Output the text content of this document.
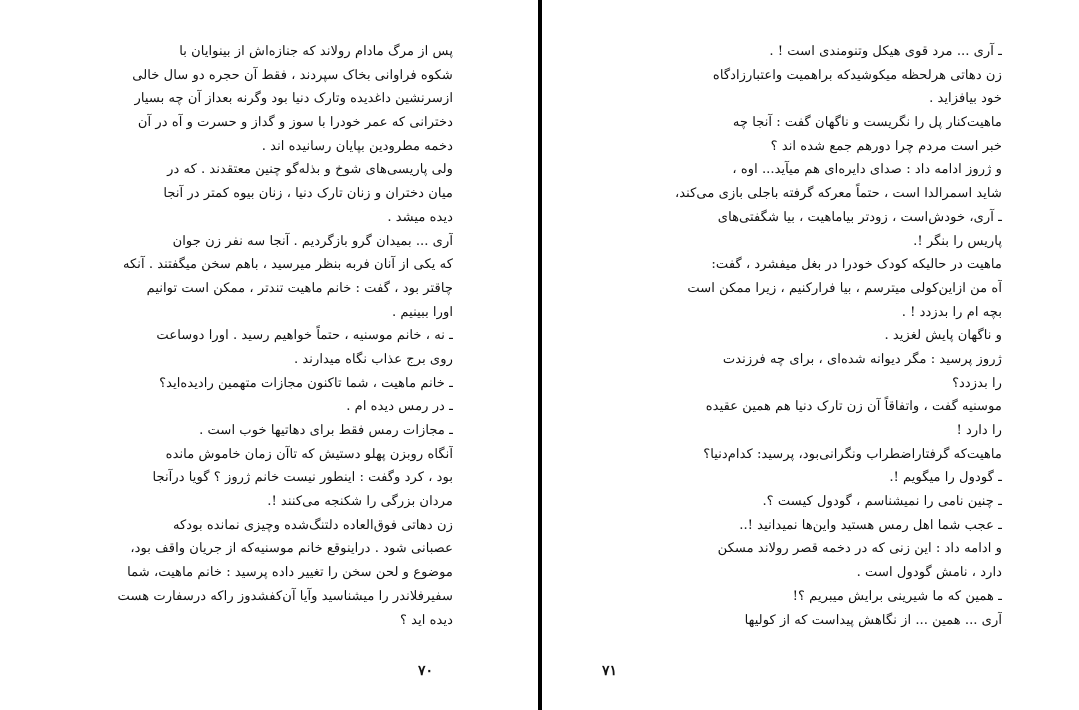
پس از مرگ مادام رولاند که جنازه‌اش از بینوایان با
شکوه فراوانی بخاک سپردند ، فقط آن حجره دو سال خالی
ازسرنشین داغدیده وتارک دنیا بود وگرنه بعداز آن چه بسیار
دخترانی که عمر خودرا با سوز و گداز و حسرت و آه در آن
دخمه مطرودین بپایان رسانیده اند .
ولی پاریسی‌های شوخ و بذله‌گو چنین معتقدند . که در
میان دختران و زنان تارک دنیا ، زنان بیوه کمتر در آنجا
دیده میشد .
آری ... بمیدان گرو بازگردیم . آنجا سه نفر زن جوان
که یکی از آنان فربه بنظر میرسید ، باهم سخن میگفتند . آنکه
چاقتر بود ، گفت : خانم ماهیت تندتر ، ممکن است توانیم
اورا ببینیم .
ـ نه ، خانم موسنیه ، حتماً خواهیم رسید . اورا دوساعت
روی برج عذاب نگاه میدارند .
ـ خانم ماهیت ، شما تاکنون مجازات متهمین رادیده‌اید؟
ـ در رمس دیده ام .
ـ مجازات رمس فقط برای دهاتیها خوب است .
آنگاه روبزن پهلو دستیش که تاآن زمان خاموش مانده
بود ، کرد وگفت : اینطور نیست خانم ژروز ؟ گویا درآنجا
مردان بزرگی را شکنجه می‌کنند !.
زن دهاتی فوق‌العاده دلتنگ‌شده وچیزی نمانده بودکه
عصبانی شود . دراینوقع خانم موسنیه‌که از جریان واقف بود،
موضوع و لحن سخن را تغییر داده پرسید : خانم ماهیت، شما
سفیرفلاندر را میشناسید وآیا آن‌کفشدوز راکه درسفارت هست
دیده اید ؟
۷۰
ـ آری ... مرد قوی هیکل وتنومندی است ! .
زن دهاتی هرلحظه میکوشیدکه براهمیت واعتبارزادگاه
خود بیافزاید .
ماهیت‌کنار پل را نگریست و ناگهان گفت : آنجا چه
خبر است مردم چرا دورهم جمع شده اند ؟
و ژروز ادامه داد : صدای دایره‌ای هم میآید... اوه ،
شاید اسمرالدا است ، حتماً معرکه گرفته باجلی بازی می‌کند،
ـ آری، خودش‌است ، زودتر بیاماهیت ، بیا شگفتی‌های
پاریس را بنگر !.
ماهیت در حالیکه کودک خودرا در بغل میفشرد ، گفت:
آه من ازاین‌کولی میترسم ، بیا فرارکنیم ، زیرا ممکن است
بچه ام را بدزدد ! .
و ناگهان پایش لغزید .
ژروز پرسید : مگر دیوانه شده‌ای ، برای چه فرزندت
را بدزدد؟
موسنیه گفت ، واتفاقاً آن زن تارک دنیا هم همین عقیده
را دارد !
ماهیت‌که گرفتاراضطراب ونگرانی‌بود، پرسید: کدام‌دنیا؟
ـ گودول را میگویم !.
ـ چنین نامی را نمیشناسم ، گودول کیست ؟.
ـ عجب شما اهل رمس هستید واین‌ها نمیدانید !..
و ادامه داد : این زنی که در دخمه قصر رولاند مسکن
دارد ، نامش گودول است .
ـ همین که ما شیرینی برایش میبریم ؟!
آری ... همین ... از نگاهش پیداست که از کولیها
۷۱
